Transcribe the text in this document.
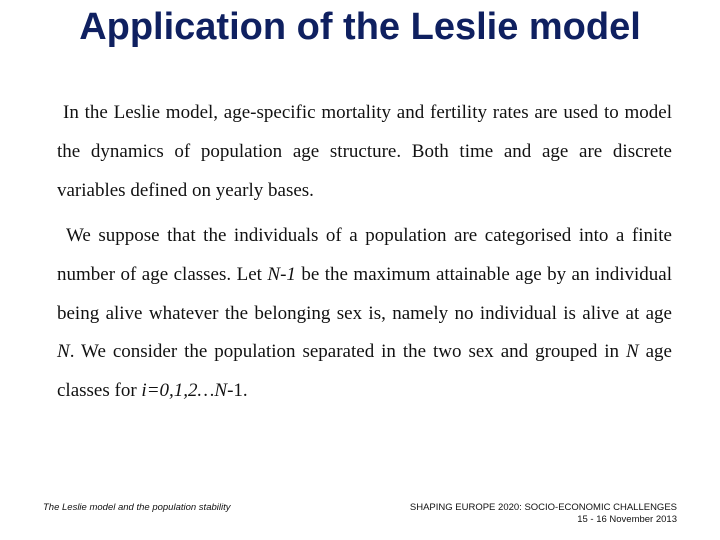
Application of the Leslie model

In the Leslie model, age-specific mortality and fertility rates are used to model the dynamics of population age structure. Both time and age are discrete variables defined on yearly bases.

We suppose that the individuals of a population are categorised into a finite number of age classes. Let N-1 be the maximum attainable age by an individual being alive whatever the belonging sex is, namely no individual is alive at age N. We consider the population separated in the two sex and grouped in N age classes for i=0,1,2…N-1.

The Leslie model and the population stability	SHAPING EUROPE 2020: SOCIO-ECONOMIC CHALLENGES
15 - 16 November 2013
